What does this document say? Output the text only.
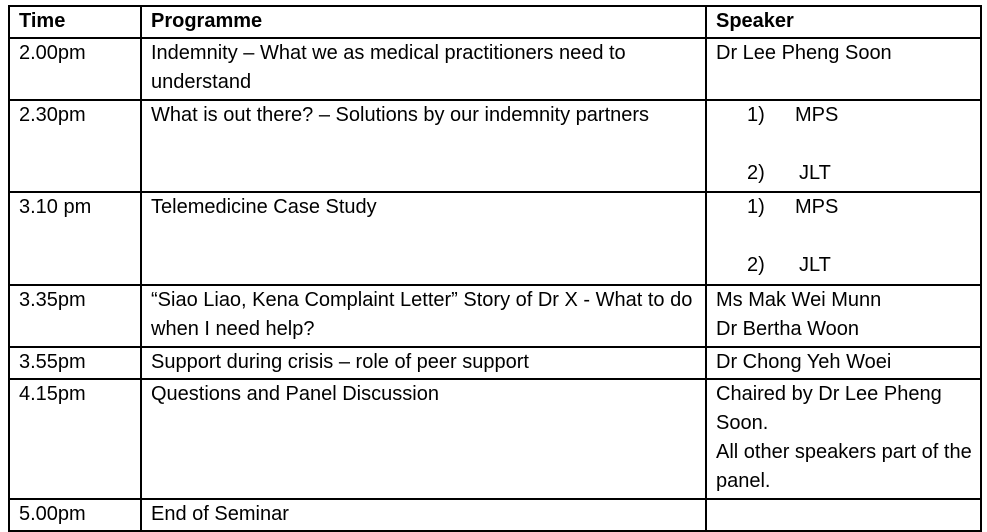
Time	Programme	Speaker
2.00pm	Indemnity – What we as medical practitioners need to understand	Dr Lee Pheng Soon

2.30pm	What is out there? – Solutions by our indemnity partners	1) MPS
2) JLT

3.10 pm	Telemedicine Case Study	1) MPS
2) JLT

3.35pm	“Siao Liao, Kena Complaint Letter” Story of Dr X - What to do when I need help?	Ms Mak Wei Munn
Dr Bertha Woon

3.55pm	Support during crisis – role of peer support	Dr Chong Yeh Woei

4.15pm	Questions and Panel Discussion	Chaired by Dr Lee Pheng Soon.
All other speakers part of the panel.

5.00pm	End of Seminar	
